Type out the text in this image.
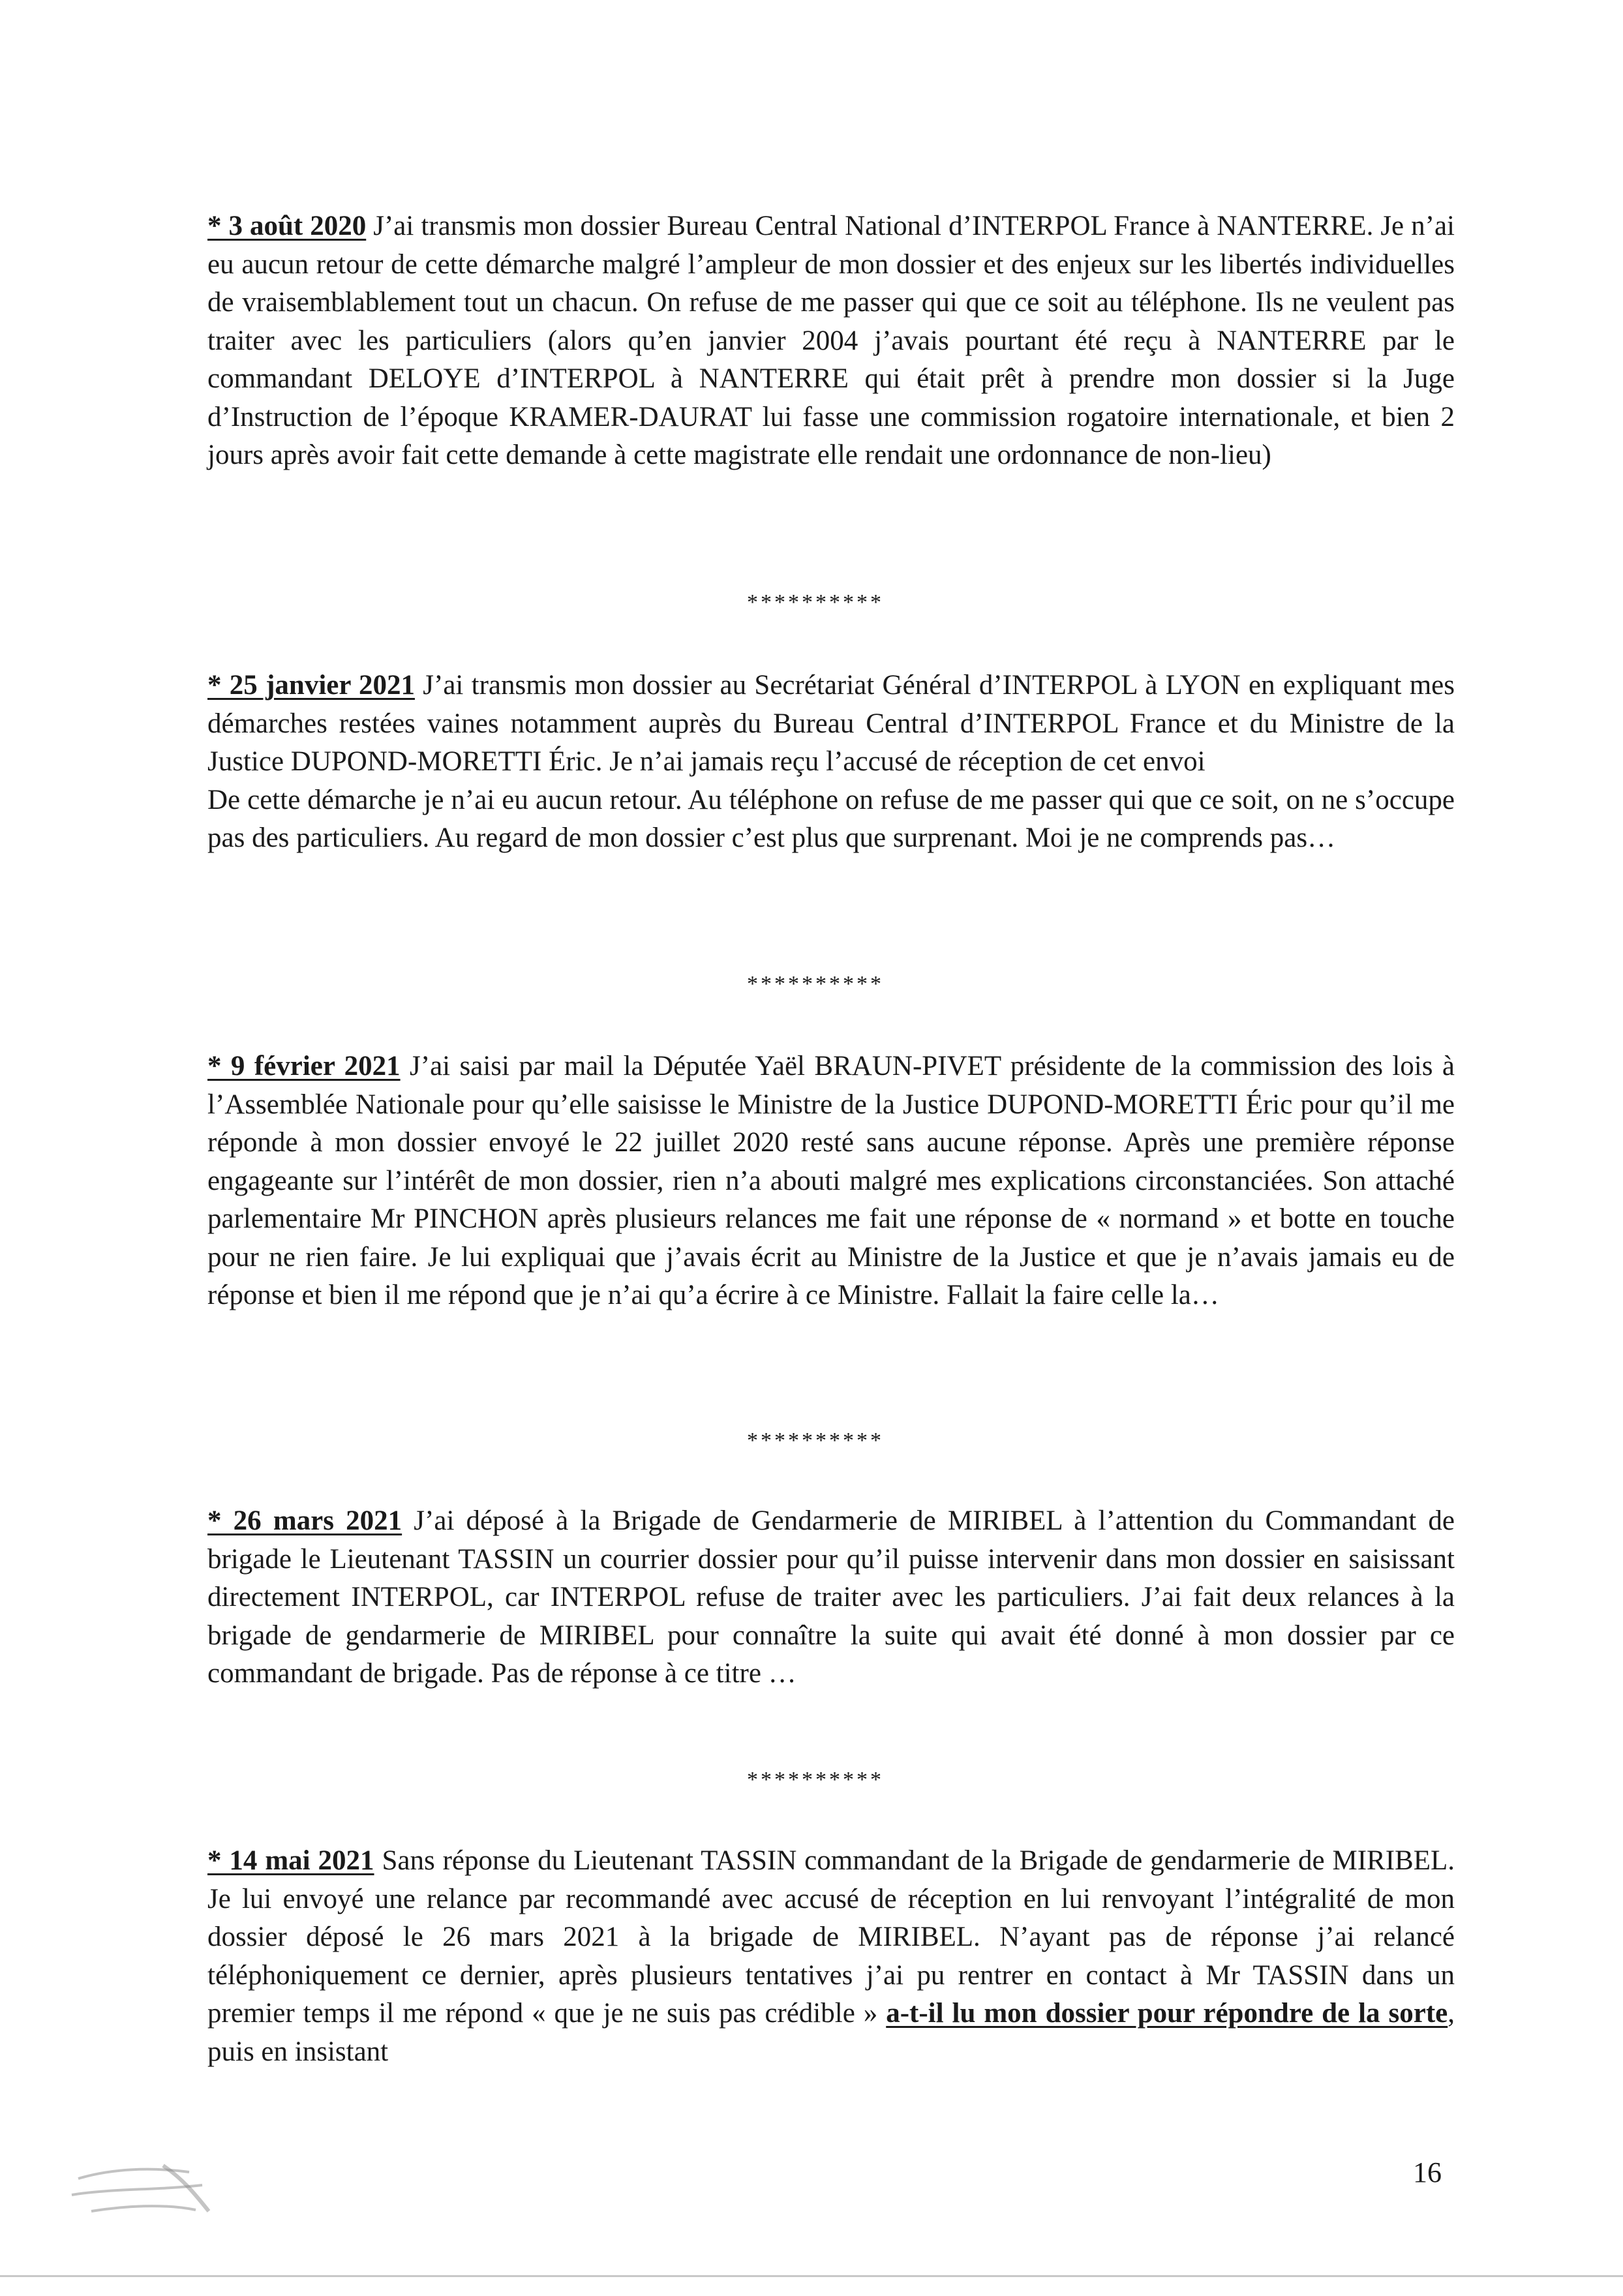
* 3 août 2020 J’ai transmis mon dossier Bureau Central National d’INTERPOL France à NANTERRE. Je n’ai eu aucun retour de cette démarche malgré l’ampleur de mon dossier et des enjeux sur les libertés individuelles de vraisemblablement tout un chacun. On refuse de me passer qui que ce soit au téléphone. Ils ne veulent pas traiter avec les particuliers (alors qu’en janvier 2004 j’avais pourtant été reçu à NANTERRE par le commandant DELOYE d’INTERPOL à NANTERRE qui était prêt à prendre mon dossier si la Juge d’Instruction de l’époque KRAMER-DAURAT lui fasse une commission rogatoire internationale, et bien 2 jours après avoir fait cette demande à cette magistrate elle rendait une ordonnance de non-lieu)

**********
* 25 janvier 2021 J’ai transmis mon dossier au Secrétariat Général d’INTERPOL à LYON en expliquant mes démarches restées vaines notamment auprès du Bureau Central d’INTERPOL France et du Ministre de la Justice DUPOND-MORETTI Éric. Je n’ai jamais reçu l’accusé de réception de cet envoi
De cette démarche je n’ai eu aucun retour. Au téléphone on refuse de me passer qui que ce soit, on ne s’occupe pas des particuliers. Au regard de mon dossier c’est plus que surprenant. Moi je ne comprends pas…
**********

* 9 février 2021 J’ai saisi par mail la Députée Yaël BRAUN-PIVET présidente de la commission des lois à l’Assemblée Nationale pour qu’elle saisisse le Ministre de la Justice DUPOND-MORETTI Éric pour qu’il me réponde à mon dossier envoyé le 22 juillet 2020 resté sans aucune réponse. Après une première réponse engageante sur l’intérêt de mon dossier, rien n’a abouti malgré mes explications circonstanciées. Son attaché parlementaire Mr PINCHON après plusieurs relances me fait une réponse de « normand » et botte en touche pour ne rien faire. Je lui expliquai que j’avais écrit au Ministre de la Justice et que je n’avais jamais eu de réponse et bien il me répond que je n’ai qu’a écrire à ce Ministre. Fallait la faire celle la…

**********

* 26 mars 2021 J’ai déposé à la Brigade de Gendarmerie de MIRIBEL à l’attention du Commandant de brigade le Lieutenant TASSIN un courrier dossier pour qu’il puisse intervenir dans mon dossier en saisissant directement INTERPOL, car INTERPOL refuse de traiter avec les particuliers. J’ai fait deux relances à la brigade de gendarmerie de MIRIBEL pour connaître la suite qui avait été donné à mon dossier par ce commandant de brigade. Pas de réponse à ce titre …

**********

* 14 mai 2021 Sans réponse du Lieutenant TASSIN commandant de la Brigade de gendarmerie de MIRIBEL. Je lui envoyé une relance par recommandé avec accusé de réception en lui renvoyant l’intégralité de mon dossier déposé le 26 mars 2021 à la brigade de MIRIBEL. N’ayant pas de réponse j’ai relancé téléphoniquement ce dernier, après plusieurs tentatives j’ai pu rentrer en contact à Mr TASSIN dans un premier temps il me répond « que je ne suis pas crédible » a-t-il lu mon dossier pour répondre de la sorte, puis en insistant

16
